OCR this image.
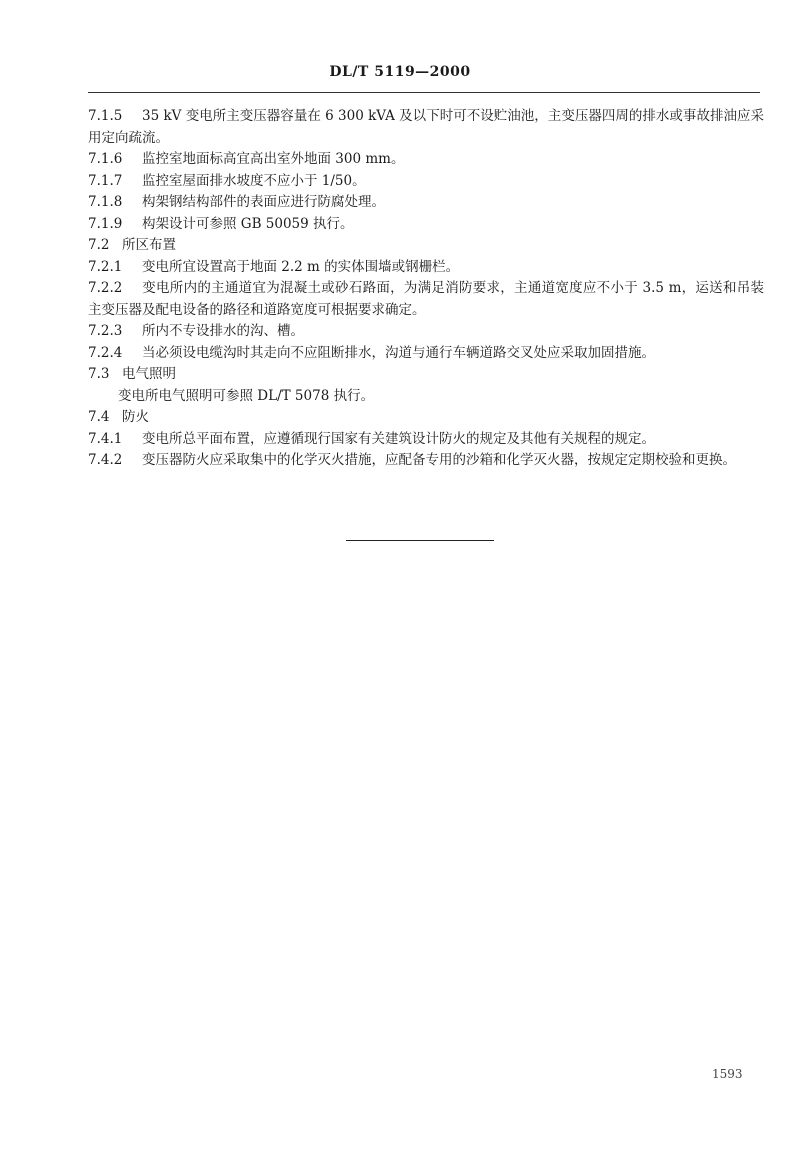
DL/T 5119—2000

7.1.5 35 kV 变电所主变压器容量在 6 300 kVA 及以下时可不设贮油池，主变压器四周的排水或事故排油应采用定向疏流。

7.1.6 监控室地面标高宜高出室外地面 300 mm。

7.1.7 监控室屋面排水坡度不应小于 1/50。

7.1.8 构架钢结构部件的表面应进行防腐处理。

7.1.9 构架设计可参照 GB 50059 执行。

7.2 所区布置

7.2.1 变电所宜设置高于地面 2.2 m 的实体围墙或钢栅栏。

7.2.2 变电所内的主通道宜为混凝土或砂石路面，为满足消防要求，主通道宽度应不小于 3.5 m，运送和吊装主变压器及配电设备的路径和道路宽度可根据要求确定。

7.2.3 所内不专设排水的沟、槽。

7.2.4 当必须设电缆沟时其走向不应阻断排水，沟道与通行车辆道路交叉处应采取加固措施。

7.3 电气照明

变电所电气照明可参照 DL/T 5078 执行。

7.4 防火

7.4.1 变电所总平面布置，应遵循现行国家有关建筑设计防火的规定及其他有关规程的规定。

7.4.2 变压器防火应采取集中的化学灭火措施，应配备专用的沙箱和化学灭火器，按规定定期校验和更换。

1593
